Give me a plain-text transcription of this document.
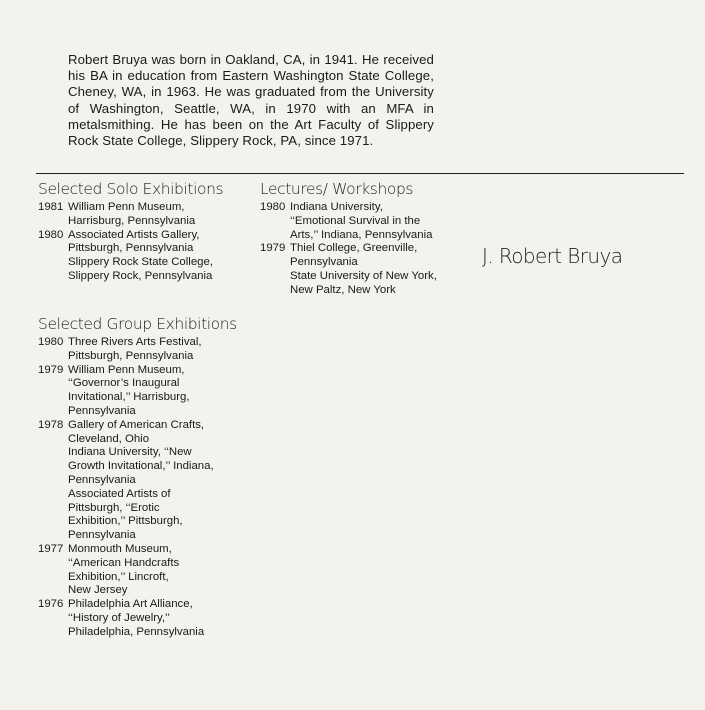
Robert Bruya was born in Oakland, CA, in 1941. He received his BA in education from Eastern Washington State College, Cheney, WA, in 1963. He was graduated from the University of Washington, Seattle, WA, in 1970 with an MFA in metalsmithing. He has been on the Art Faculty of Slippery Rock State College, Slippery Rock, PA, since 1971.

Selected Solo Exhibitions
1981 William Penn Museum,
Harrisburg, Pennsylvania
1980 Associated Artists Gallery,
Pittsburgh, Pennsylvania
Slippery Rock State College,
Slippery Rock, Pennsylvania
Lectures/ Workshops
1980 Indiana University,
‘‘Emotional Survival in the
Arts,’’ Indiana, Pennsylvania
1979 Thiel College, Greenville,
Pennsylvania
State University of New York,
New Paltz, New York
J. Robert Bruya
Selected Group Exhibitions
1980 Three Rivers Arts Festival,
Pittsburgh, Pennsylvania
1979 William Penn Museum,
‘‘Governor’s Inaugural
Invitational,’’ Harrisburg,
Pennsylvania
1978 Gallery of American Crafts,
Cleveland, Ohio
Indiana University, ‘‘New
Growth Invitational,’’ Indiana,
Pennsylvania
Associated Artists of
Pittsburgh, ‘‘Erotic
Exhibition,’’ Pittsburgh,
Pennsylvania
1977 Monmouth Museum,
‘‘American Handcrafts
Exhibition,’’ Lincroft,
New Jersey
1976 Philadelphia Art Alliance,
‘‘History of Jewelry,’’
Philadelphia, Pennsylvania
